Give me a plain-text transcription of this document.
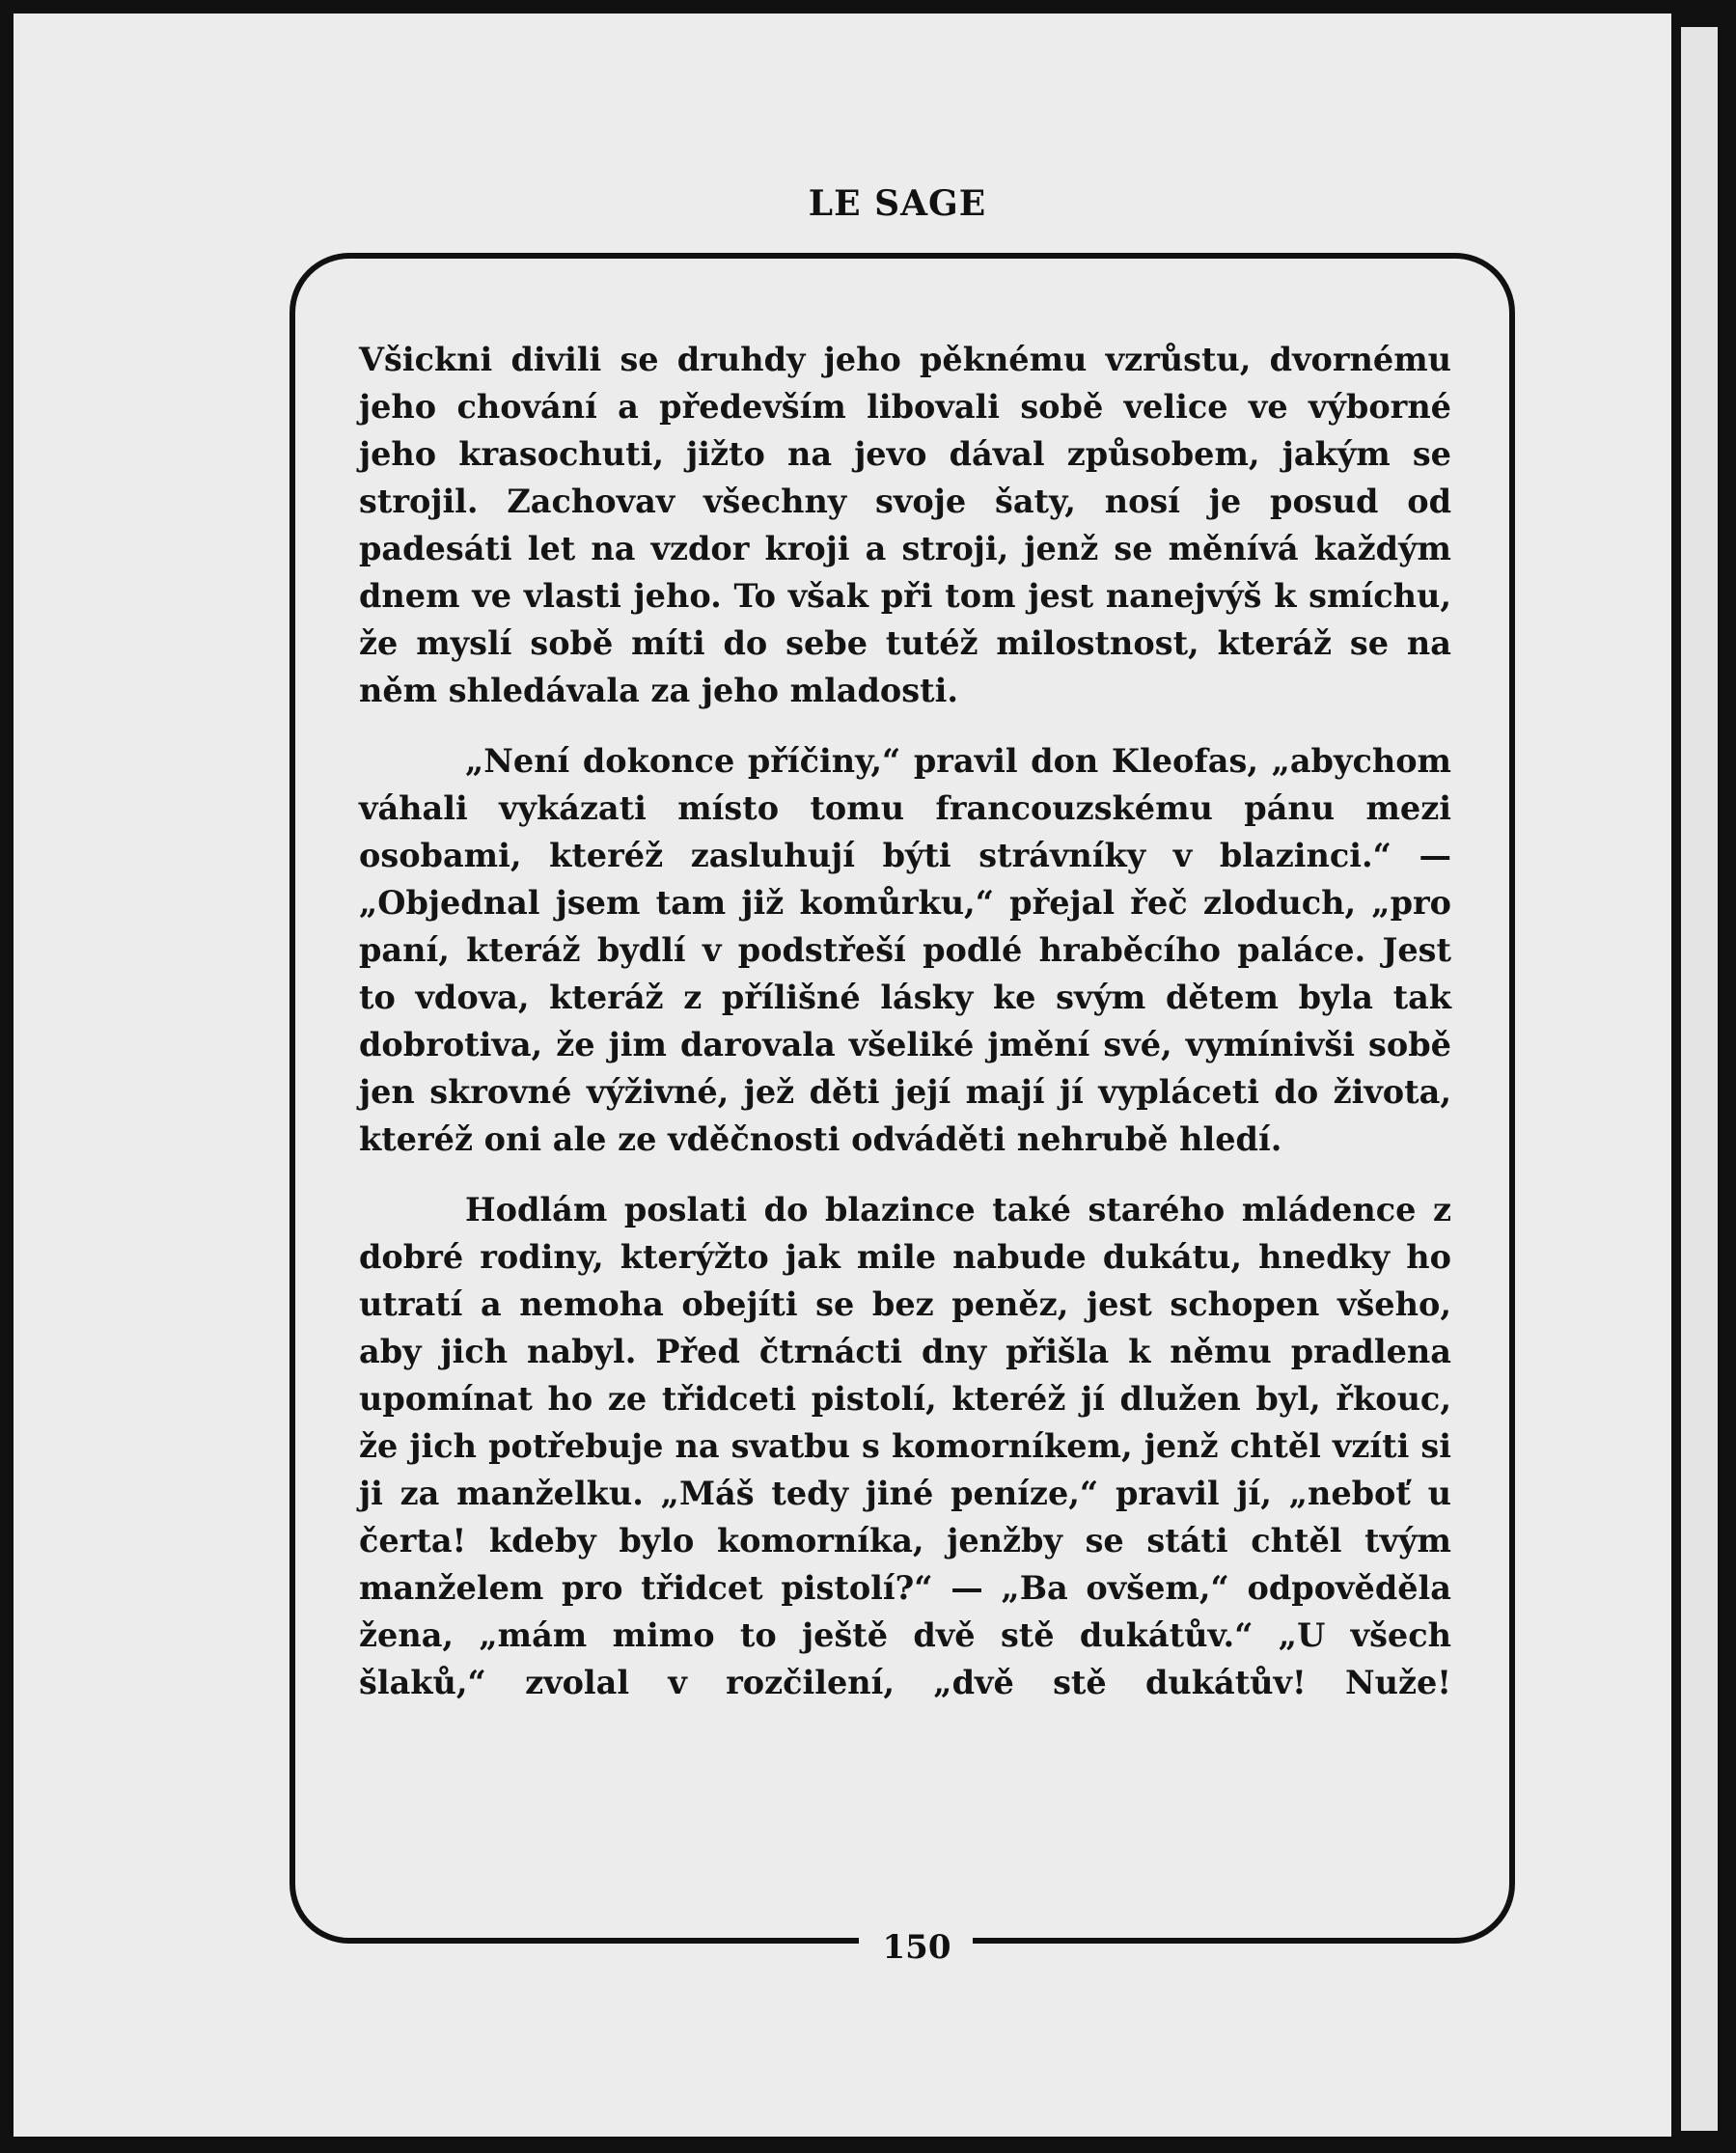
LE SAGE

Všickni divili se druhdy jeho pěknému vzrůstu, dvornému jeho chování a především libovali sobě velice ve výborné jeho krasochuti, jižto na jevo dával způsobem, jakým se strojil. Zachovav všechny svoje šaty, nosí je posud od padesáti let na vzdor kroji a stroji, jenž se měnívá každým dnem ve vlasti jeho. To však při tom jest nanejvýš k smíchu, že myslí sobě míti do sebe tutéž milostnost, kteráž se na něm shledávala za jeho mladosti.

„Není dokonce příčiny,“ pravil don Kleofas, „abychom váhali vykázati místo tomu francouzskému pánu mezi osobami, kteréž zasluhují býti strávníky v blazinci.“ — „Objednal jsem tam již komůrku,“ přejal řeč zloduch, „pro paní, kteráž bydlí v podstřeší podlé hraběcího paláce. Jest to vdova, kteráž z přílišné lásky ke svým dětem byla tak dobrotiva, že jim darovala všeliké jmění své, vymínivši sobě jen skrovné výživné, jež děti její mají jí vypláceti do života, kteréž oni ale ze vděčnosti odváděti nehrubě hledí.

Hodlám poslati do blazince také starého mládence z dobré rodiny, kterýžto jak mile nabude dukátu, hnedky ho utratí a nemoha obejíti se bez peněz, jest schopen všeho, aby jich nabyl. Před čtrnácti dny přišla k němu pradlena upomínat ho ze třidceti pistolí, kteréž jí dlužen byl, řkouc, že jich potřebuje na svatbu s komorníkem, jenž chtěl vzíti si ji za manželku. „Máš tedy jiné peníze,“ pravil jí, „neboť u čerta! kdeby bylo komorníka, jenžby se státi chtěl tvým manželem pro třidcet pistolí?“ — „Ba ovšem,“ odpověděla žena, „mám mimo to ještě dvě stě dukátův.“ „U všech šlaků,“ zvolal v rozčilení, „dvě stě dukátův! Nuže!

150
